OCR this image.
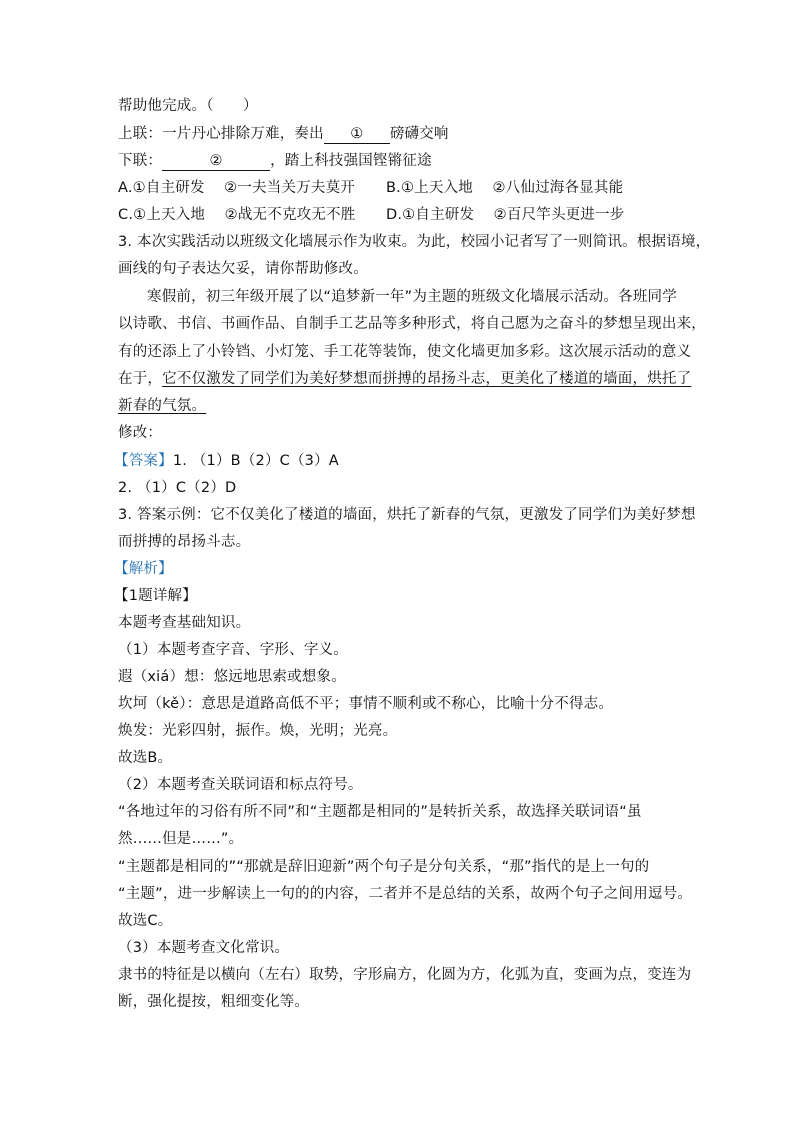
帮助他完成。（　　）
上联：一片丹心排除万难，奏出 ① 磅礴交响
下联：	②	，踏上科技强国铿锵征途
A.①自主研发　 ②一夫当关万夫莫开 B.①上天入地　 ②八仙过海各显其能
C.①上天入地　 ②战无不克攻无不胜 D.①自主研发　 ②百尺竿头更进一步
3. 本次实践活动以班级文化墙展示作为收束。为此，校园小记者写了一则简讯。根据语境，
画线的句子表达欠妥，请你帮助修改。
寒假前，初三年级开展了以“追梦新一年”为主题的班级文化墙展示活动。各班同学
以诗歌、书信、书画作品、自制手工艺品等多种形式，将自己愿为之奋斗的梦想呈现出来，
有的还添上了小铃铛、小灯笼、手工花等装饰，使文化墙更加多彩。这次展示活动的意义
在于，它不仅激发了同学们为美好梦想而拼搏的昂扬斗志，更美化了楼道的墙面，烘托了
新春的气氛。
修改：
【答案】1. （1）B（2）C（3）A
2. （1）C（2）D
3. 答案示例：它不仅美化了楼道的墙面，烘托了新春的气氛，更激发了同学们为美好梦想
而拼搏的昂扬斗志。
【解析】
【1题详解】
本题考查基础知识。
（1）本题考查字音、字形、字义。
遐（xiá）想：悠远地思索或想象。
坎坷（kě）：意思是道路高低不平；事情不顺利或不称心，比喻十分不得志。
焕发：光彩四射，振作。焕，光明；光亮。
故选B。
（2）本题考查关联词语和标点符号。
“各地过年的习俗有所不同”和“主题都是相同的”是转折关系，故选择关联词语“虽
然……但是……”。
“主题都是相同的”“那就是辞旧迎新”两个句子是分句关系，“那”指代的是上一句的
“主题”，进一步解读上一句的的内容，二者并不是总结的关系，故两个句子之间用逗号。
故选C。
（3）本题考查文化常识。
隶书的特征是以横向（左右）取势，字形扁方，化圆为方，化弧为直，变画为点，变连为
断，强化提按，粗细变化等。
